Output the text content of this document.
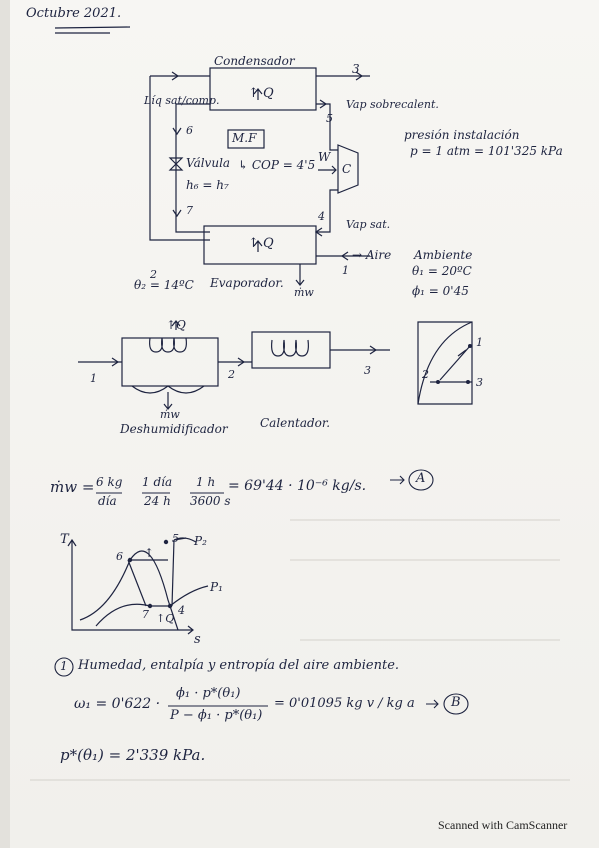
Octubre 2021.
Condensador
3
Líq sat/comp. ↑ Q
5
Vap sobrecalent.
6
M.F
Válvula ↳ COP = 4'5
W
C
h₆ = h₇
7	4
Vap sat.
↑ Q
→ Aire Ambiente
θ₁ = 20ºC
ϕ₁ = 0'45
1
2
θ₂ = 14ºC Evaporador.
ṁw
presión instalación
p = 1 atm = 101'325 kPa
1	2	3
↑Q
ṁw
Deshumidificador	Calentador.
1
2
3
ṁw = 6 kg
día
1 día
24 h
1 h
3600 s
= 69'44 · 10⁻⁶ kg/s.	A
T
s
P₂
P₁
6
5
7	4
↑
↑Q
1 Humedad, entalpía y entropía del aire ambiente.
ω₁ = 0'622 ·
ϕ₁ · p*(θ₁)
P − ϕ₁ · p*(θ₁)
= 0'01095 kg v / kg a	B
p*(θ₁) = 2'339 kPa.
Scanned with CamScanner
